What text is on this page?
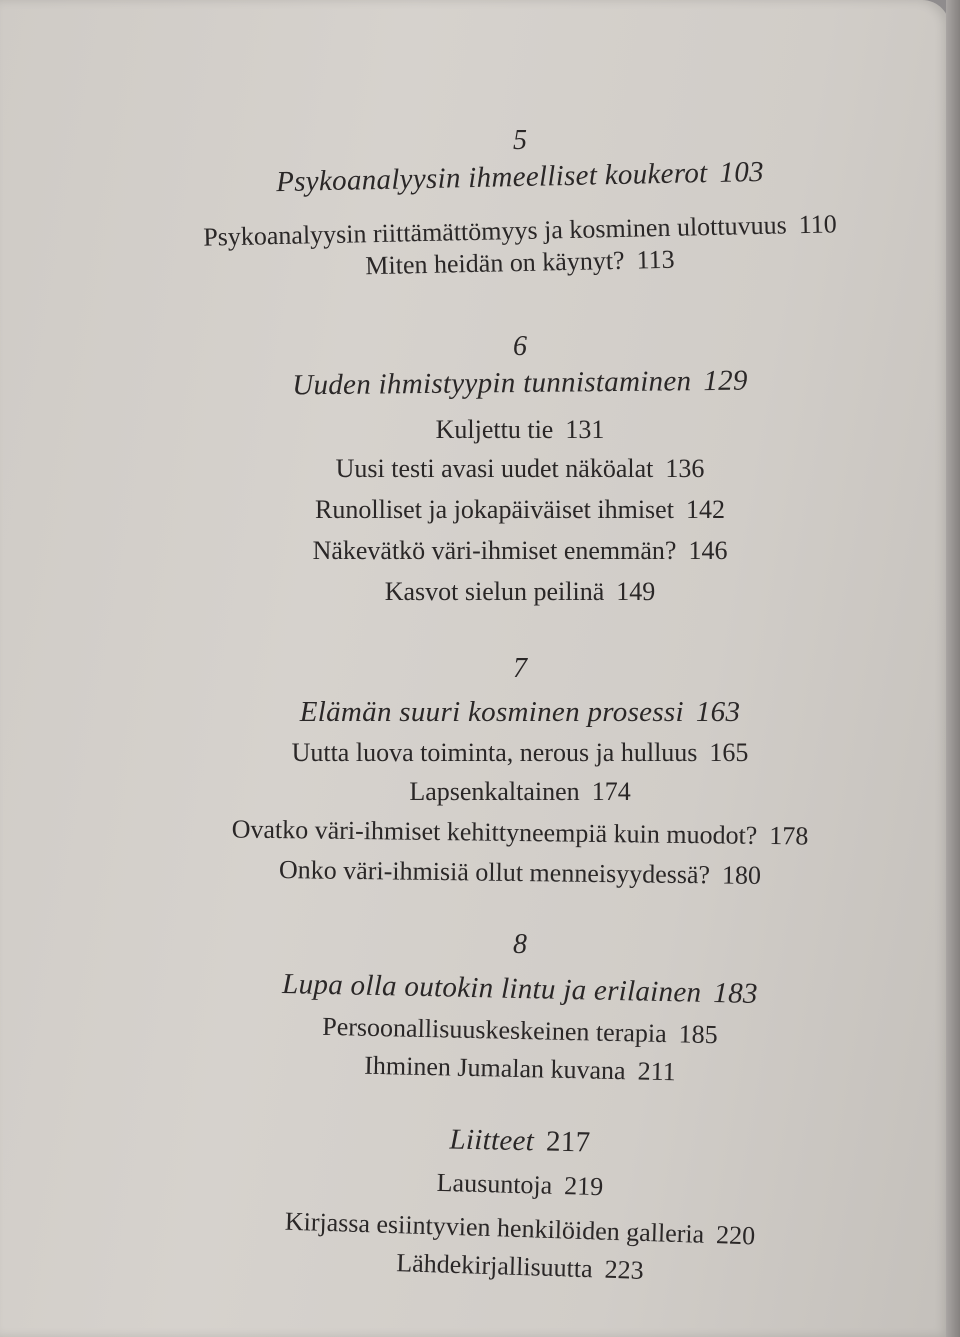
5
Psykoanalyysin ihmeelliset koukerot 103
Psykoanalyysin riittämättömyys ja kosminen ulottuvuus 110
Miten heidän on käynyt? 113
6
Uuden ihmistyypin tunnistaminen 129
Kuljettu tie 131
Uusi testi avasi uudet näköalat 136
Runolliset ja jokapäiväiset ihmiset 142
Näkevätkö väri-ihmiset enemmän? 146
Kasvot sielun peilinä 149
7
Elämän suuri kosminen prosessi 163
Uutta luova toiminta, nerous ja hulluus 165
Lapsenkaltainen 174
Ovatko väri-ihmiset kehittyneempiä kuin muodot? 178
Onko väri-ihmisiä ollut menneisyydessä? 180
8
Lupa olla outokin lintu ja erilainen 183
Persoonallisuuskeskeinen terapia 185
Ihminen Jumalan kuvana 211
Liitteet 217
Lausuntoja 219
Kirjassa esiintyvien henkilöiden galleria 220
Lähdekirjallisuutta 223
